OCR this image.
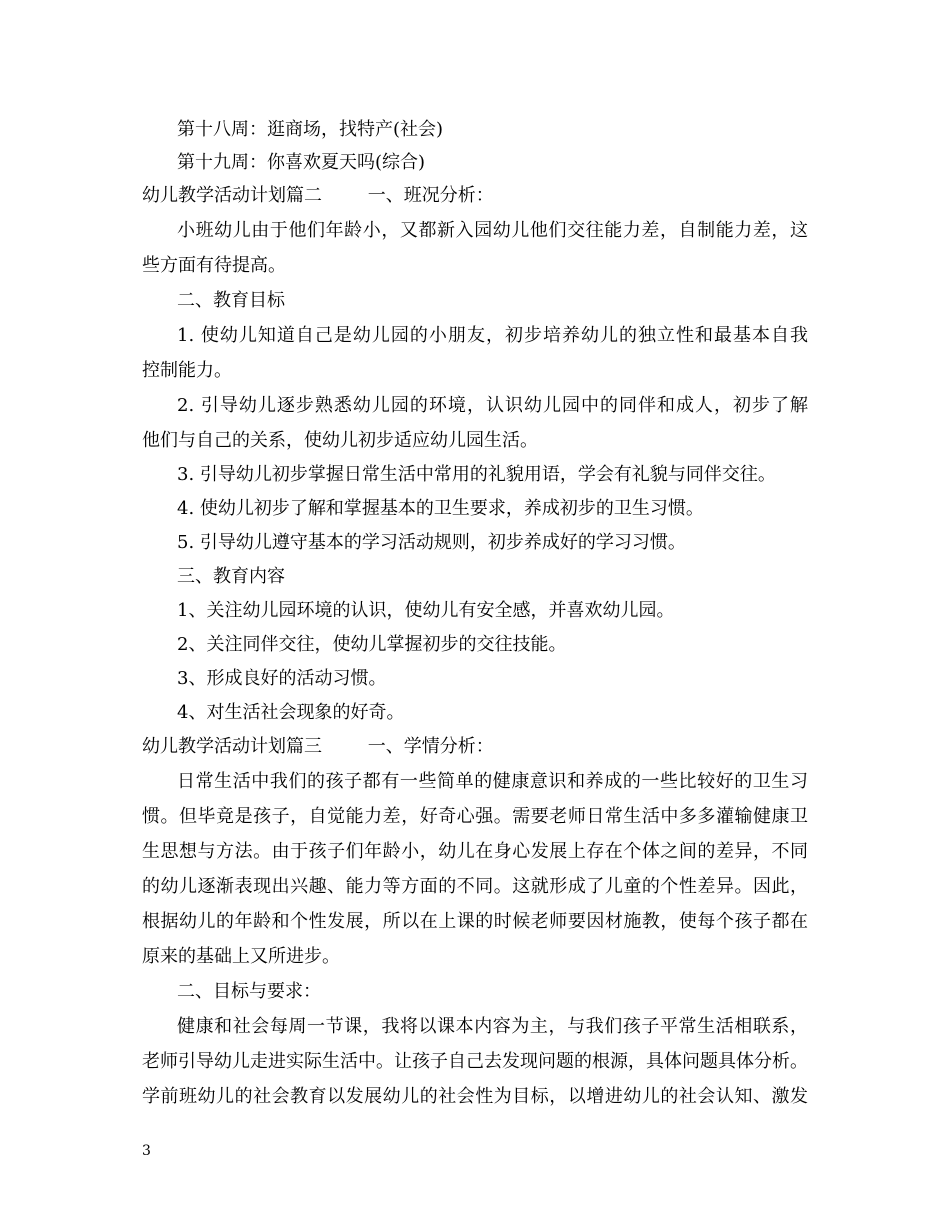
第十八周：逛商场，找特产(社会)

第十九周：你喜欢夏天吗(综合)

幼儿教学活动计划篇二        一、班况分析：

小班幼儿由于他们年龄小，又都新入园幼儿他们交往能力差，自制能力差，这

些方面有待提高。

二、教育目标

1. 使幼儿知道自己是幼儿园的小朋友，初步培养幼儿的独立性和最基本自我

控制能力。

2. 引导幼儿逐步熟悉幼儿园的环境，认识幼儿园中的同伴和成人，初步了解

他们与自己的关系，使幼儿初步适应幼儿园生活。

3. 引导幼儿初步掌握日常生活中常用的礼貌用语，学会有礼貌与同伴交往。

4. 使幼儿初步了解和掌握基本的卫生要求，养成初步的卫生习惯。

5. 引导幼儿遵守基本的学习活动规则，初步养成好的学习习惯。

三、教育内容

1、关注幼儿园环境的认识，使幼儿有安全感，并喜欢幼儿园。

2、关注同伴交往，使幼儿掌握初步的交往技能。

3、形成良好的活动习惯。

4、对生活社会现象的好奇。

幼儿教学活动计划篇三        一、学情分析：

日常生活中我们的孩子都有一些简单的健康意识和养成的一些比较好的卫生习

惯。但毕竟是孩子，自觉能力差，好奇心强。需要老师日常生活中多多灌输健康卫

生思想与方法。由于孩子们年龄小，幼儿在身心发展上存在个体之间的差异，不同

的幼儿逐渐表现出兴趣、能力等方面的不同。这就形成了儿童的个性差异。因此，

根据幼儿的年龄和个性发展，所以在上课的时候老师要因材施教，使每个孩子都在

原来的基础上又所进步。

二、目标与要求：

健康和社会每周一节课，我将以课本内容为主，与我们孩子平常生活相联系，

老师引导幼儿走进实际生活中。让孩子自己去发现问题的根源，具体问题具体分析。

学前班幼儿的社会教育以发展幼儿的社会性为目标，以增进幼儿的社会认知、激发

3
